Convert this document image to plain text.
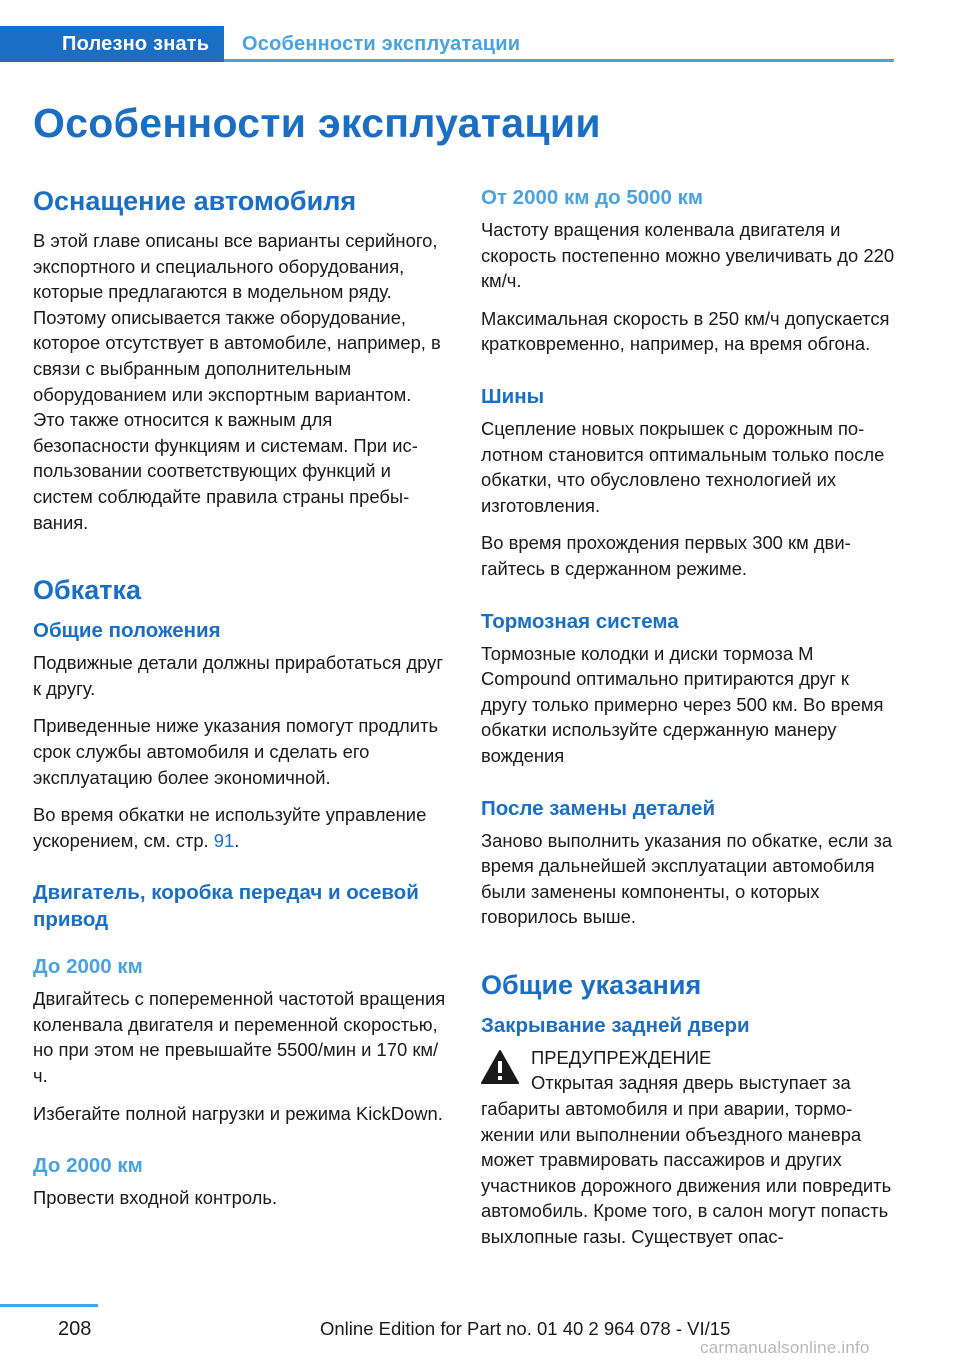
Полезно знать	Особенности эксплуатации
Особенности эксплуатации
Оснащение автомобиля

В этой главе описаны все варианты серийного, экспортного и специального оборудования, которые предлагаются в модельном ряду. Поэтому описывается также оборудование, которое отсутствует в автомобиле, например, в связи с выбранным дополнительным оборудованием или экспортным вариантом. Это также относится к важным для безопасности функциям и системам. При использовании соответствующих функций и систем соблюдайте правила страны пребывания.

Обкатка
Общие положения

Подвижные детали должны приработаться друг к другу.

Приведенные ниже указания помогут продлить срок службы автомобиля и сделать его эксплуатацию более экономичной.

Во время обкатки не используйте управление ускорением, см. стр. 91.

Двигатель, коробка передач и осевой привод
До 2000 км

Двигайтесь с попеременной частотой вращения коленвала двигателя и переменной скоростью, но при этом не превышайте 5500/мин и 170 км/ч.

Избегайте полной нагрузки и режима KickDown.

До 2000 км

Провести входной контроль.

От 2000 км до 5000 км

Частоту вращения коленвала двигателя и скорость постепенно можно увеличивать до 220 км/ч.

Максимальная скорость в 250 км/ч допускается кратковременно, например, на время обгона.

Шины

Сцепление новых покрышек с дорожным полотном становится оптимальным только после обкатки, что обусловлено технологией их изготовления.

Во время прохождения первых 300 км двигайтесь в сдержанном режиме.

Тормозная система

Тормозные колодки и диски тормоза M Compound оптимально притираются друг к другу только примерно через 500 км. Во время обкатки используйте сдержанную манеру вождения

После замены деталей

Заново выполнить указания по обкатке, если за время дальнейшей эксплуатации автомобиля были заменены компоненты, о которых говорилось выше.

Общие указания
Закрывание задней двери

ПРЕДУПРЕЖДЕНИЕ

Открытая задняя дверь выступает за

габариты автомобиля и при аварии, торможении или выполнении объездного маневра может травмировать пассажиров и других участников дорожного движения или повредить автомобиль. Кроме того, в салон могут попасть выхлопные газы. Существует опас-

208	Online Edition for Part no. 01 40 2 964 078 - VI/15
carmanualsonline.info
